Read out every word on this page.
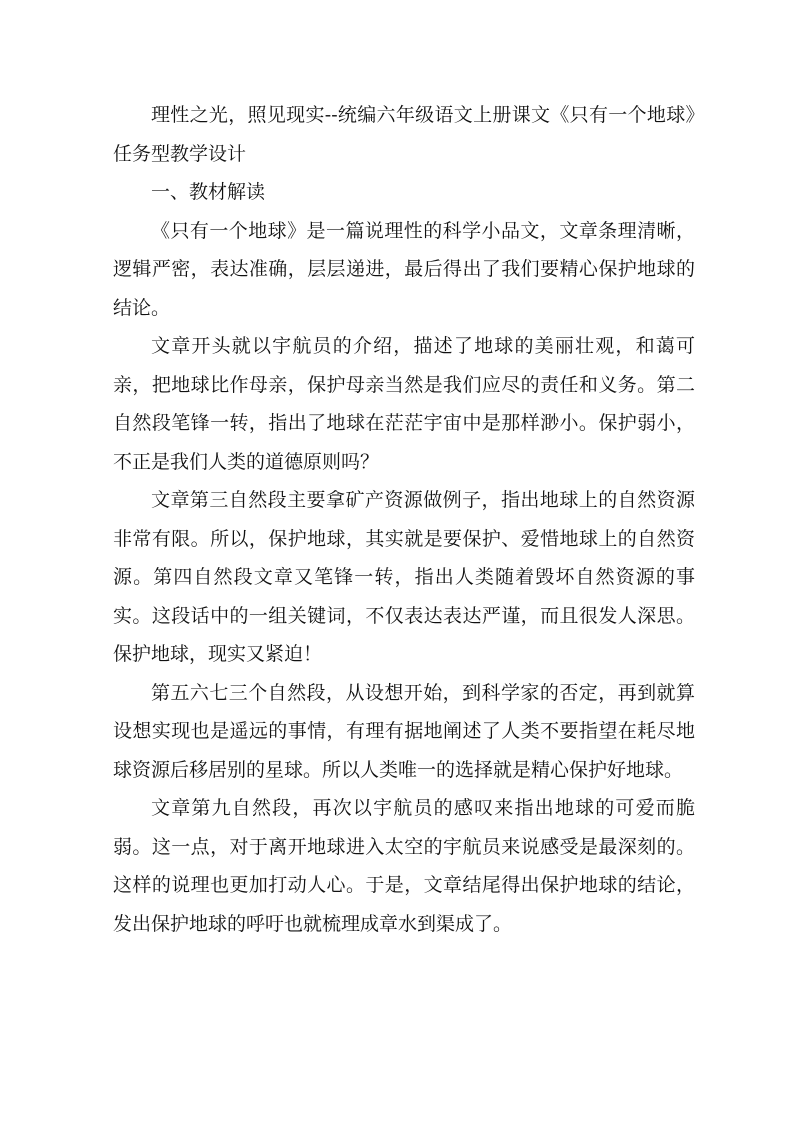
理性之光，照见现实--统编六年级语文上册课文《只有一个地球》任务型教学设计

一、教材解读

《只有一个地球》是一篇说理性的科学小品文，文章条理清晰，逻辑严密，表达准确，层层递进，最后得出了我们要精心保护地球的结论。

文章开头就以宇航员的介绍，描述了地球的美丽壮观，和蔼可亲，把地球比作母亲，保护母亲当然是我们应尽的责任和义务。第二自然段笔锋一转，指出了地球在茫茫宇宙中是那样渺小。保护弱小，不正是我们人类的道德原则吗？

文章第三自然段主要拿矿产资源做例子，指出地球上的自然资源非常有限。所以，保护地球，其实就是要保护、爱惜地球上的自然资源。第四自然段文章又笔锋一转，指出人类随着毁坏自然资源的事实。这段话中的一组关键词，不仅表达表达严谨，而且很发人深思。保护地球，现实又紧迫！

第五六七三个自然段，从设想开始，到科学家的否定，再到就算设想实现也是遥远的事情，有理有据地阐述了人类不要指望在耗尽地球资源后移居别的星球。所以人类唯一的选择就是精心保护好地球。

文章第九自然段，再次以宇航员的感叹来指出地球的可爱而脆弱。这一点，对于离开地球进入太空的宇航员来说感受是最深刻的。这样的说理也更加打动人心。于是，文章结尾得出保护地球的结论，发出保护地球的呼吁也就梳理成章水到渠成了。
